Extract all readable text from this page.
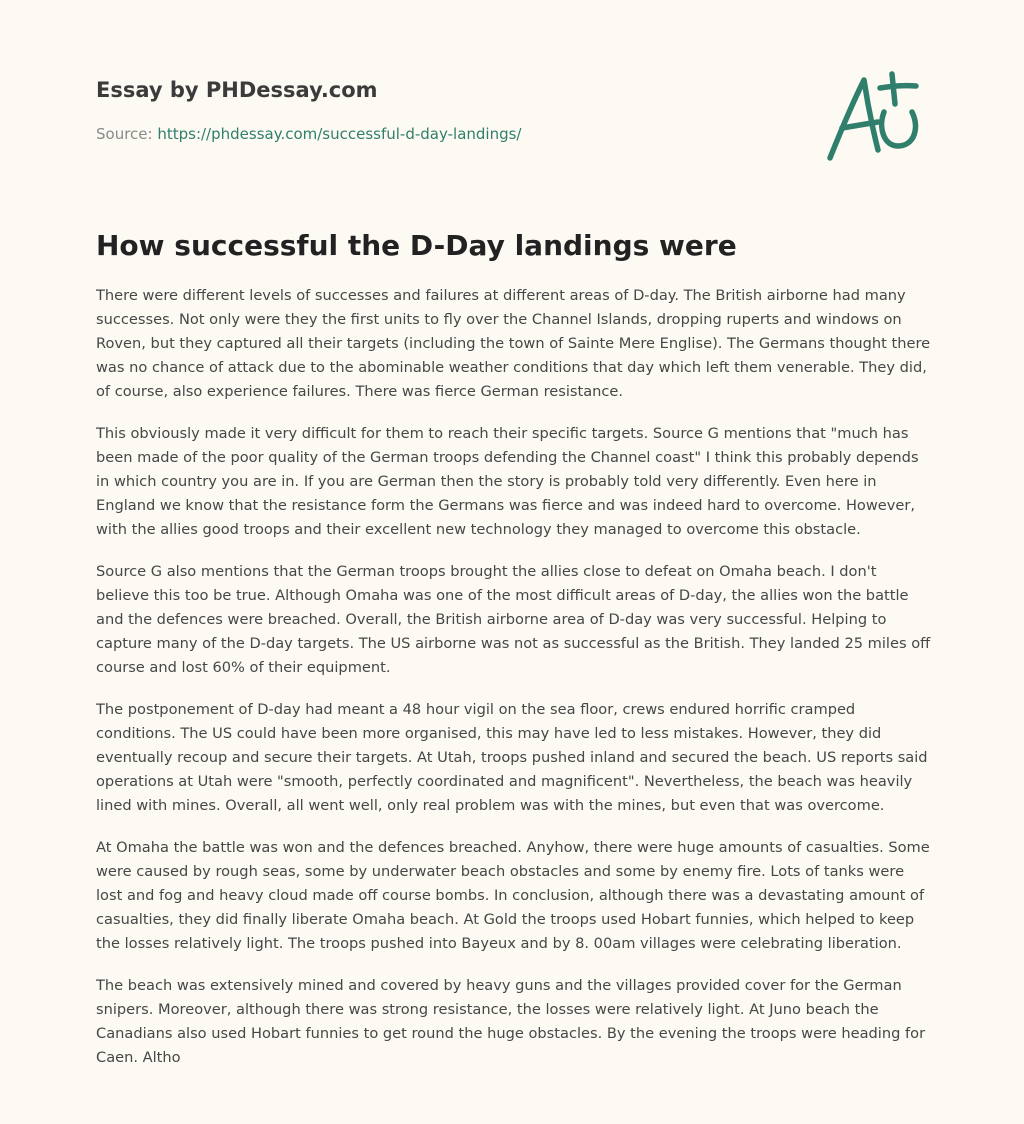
Essay by PHDessay.com
Source: https://phdessay.com/successful-d-day-landings/
How successful the D-Day landings were

There were different levels of successes and failures at different areas of D-day. The British airborne had many successes. Not only were they the first units to fly over the Channel Islands, dropping ruperts and windows on Roven, but they captured all their targets (including the town of Sainte Mere Englise). The Germans thought there was no chance of attack due to the abominable weather conditions that day which left them venerable. They did, of course, also experience failures. There was fierce German resistance.

This obviously made it very difficult for them to reach their specific targets. Source G mentions that "much has been made of the poor quality of the German troops defending the Channel coast" I think this probably depends in which country you are in. If you are German then the story is probably told very differently. Even here in England we know that the resistance form the Germans was fierce and was indeed hard to overcome. However, with the allies good troops and their excellent new technology they managed to overcome this obstacle.

Source G also mentions that the German troops brought the allies close to defeat on Omaha beach. I don't believe this too be true. Although Omaha was one of the most difficult areas of D-day, the allies won the battle and the defences were breached. Overall, the British airborne area of D-day was very successful. Helping to capture many of the D-day targets. The US airborne was not as successful as the British. They landed 25 miles off course and lost 60% of their equipment.

The postponement of D-day had meant a 48 hour vigil on the sea floor, crews endured horrific cramped conditions. The US could have been more organised, this may have led to less mistakes. However, they did eventually recoup and secure their targets. At Utah, troops pushed inland and secured the beach. US reports said operations at Utah were "smooth, perfectly coordinated and magnificent". Nevertheless, the beach was heavily lined with mines. Overall, all went well, only real problem was with the mines, but even that was overcome.

At Omaha the battle was won and the defences breached. Anyhow, there were huge amounts of casualties. Some were caused by rough seas, some by underwater beach obstacles and some by enemy fire. Lots of tanks were lost and fog and heavy cloud made off course bombs. In conclusion, although there was a devastating amount of casualties, they did finally liberate Omaha beach. At Gold the troops used Hobart funnies, which helped to keep the losses relatively light. The troops pushed into Bayeux and by 8. 00am villages were celebrating liberation.

The beach was extensively mined and covered by heavy guns and the villages provided cover for the German snipers. Moreover, although there was strong resistance, the losses were relatively light. At Juno beach the Canadians also used Hobart funnies to get round the huge obstacles. By the evening the troops were heading for Caen. Altho
